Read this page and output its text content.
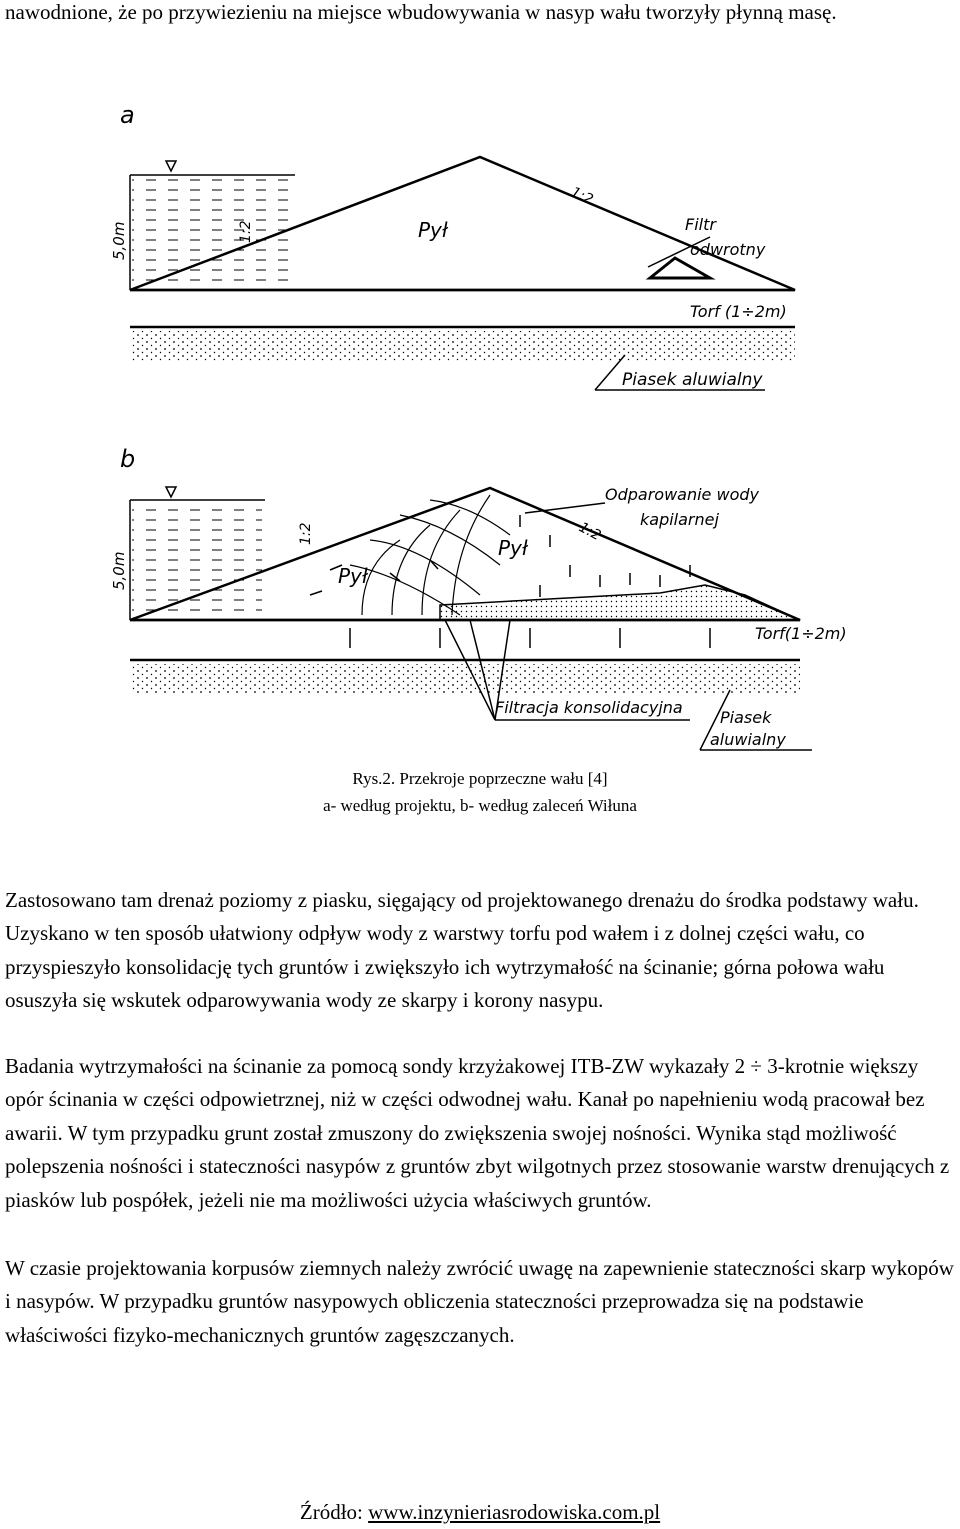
nawodnione, że po przywiezieniu na miejsce wbudowywania w nasyp wału tworzyły płynną masę.

a
5,0m	1:2
1:2
Pył	Filtr
odwrotny
Torf (1÷2m)
Piasek aluwialny
b
5,0m
1:2	1:2
Pył
Pył
Odparowanie wody
kapilarnej
Torf(1÷2m)
Filtracja konsolidacyjna
Piasek
aluwialny
Rys.2. Przekroje poprzeczne wału [4]
a- według projektu, b- według zaleceń Wiłuna

Zastosowano tam drenaż poziomy z piasku, sięgający od projektowanego drenażu do środka podstawy wału. Uzyskano w ten sposób ułatwiony odpływ wody z warstwy torfu pod wałem i z dolnej części wału, co przyspieszyło konsolidację tych gruntów i zwiększyło ich wytrzymałość na ścinanie; górna połowa wału osuszyła się wskutek odparowywania wody ze skarpy i korony nasypu.

Badania wytrzymałości na ścinanie za pomocą sondy krzyżakowej ITB-ZW wykazały 2 ÷ 3-krotnie większy opór ścinania w części odpowietrznej, niż w części odwodnej wału. Kanał po napełnieniu wodą pracował bez awarii. W tym przypadku grunt został zmuszony do zwiększenia swojej nośności. Wynika stąd możliwość polepszenia nośności i stateczności nasypów z gruntów zbyt wilgotnych przez stosowanie warstw drenujących z piasków lub pospółek, jeżeli nie ma możliwości użycia właściwych gruntów.

W czasie projektowania korpusów ziemnych należy zwrócić uwagę na zapewnienie stateczności skarp wykopów i nasypów. W przypadku gruntów nasypowych obliczenia stateczności przeprowadza się na podstawie właściwości fizyko-mechanicznych gruntów zagęszczanych.

Źródło: www.inzynieriasrodowiska.com.pl
